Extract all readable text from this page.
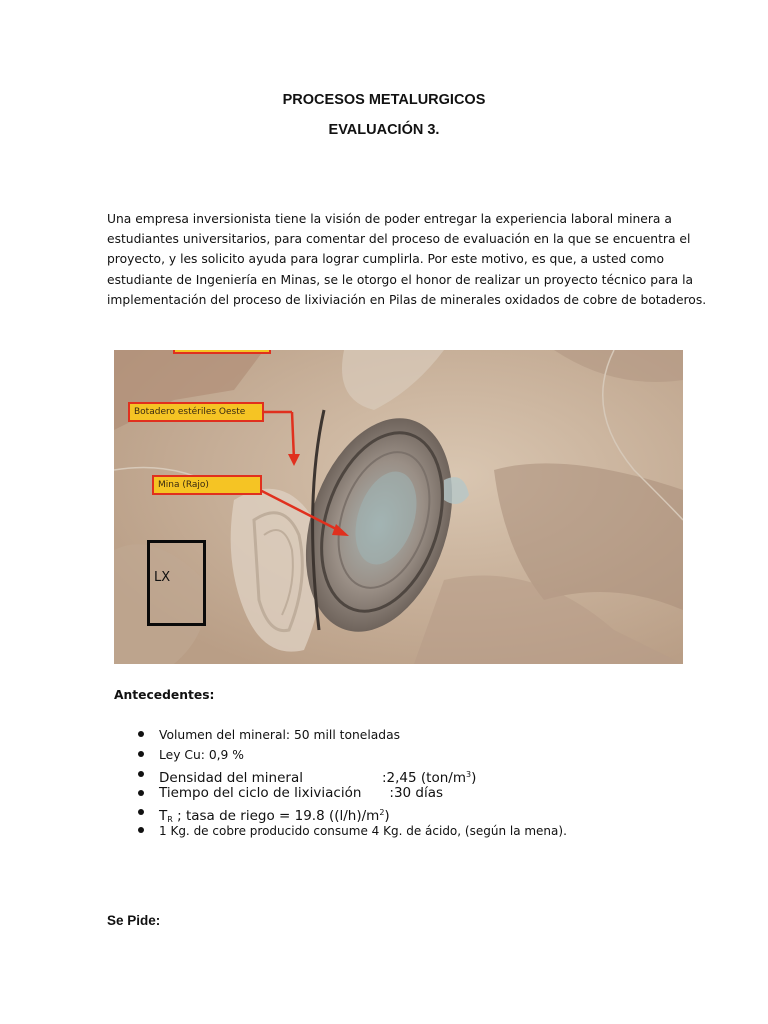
PROCESOS METALURGICOS
EVALUACIÓN 3.
Una empresa inversionista tiene la visión de poder entregar la experiencia laboral minera a
estudiantes universitarios, para comentar del proceso de evaluación en la que se encuentra el
proyecto, y les solicito ayuda para lograr cumplirla. Por este motivo, es que, a usted como
estudiante de Ingeniería en Minas, se le otorgo el honor de realizar un proyecto técnico para la
implementación del proceso de lixiviación en Pilas de minerales oxidados de cobre de botaderos.
Botadero estériles Oeste
Mina (Rajo)
LX
Antecedentes:
Volumen del mineral: 50 mill toneladas
Ley Cu: 0,9 %
Densidad del mineral	:2,45 $(ton/m^3)$
Tiempo del ciclo de lixiviación :30 días
$T_R$ ; tasa de riego = 19.8 $((l/h)/m^2)$
1 Kg. de cobre producido consume 4 Kg. de ácido, (según la mena).
Se Pide:
